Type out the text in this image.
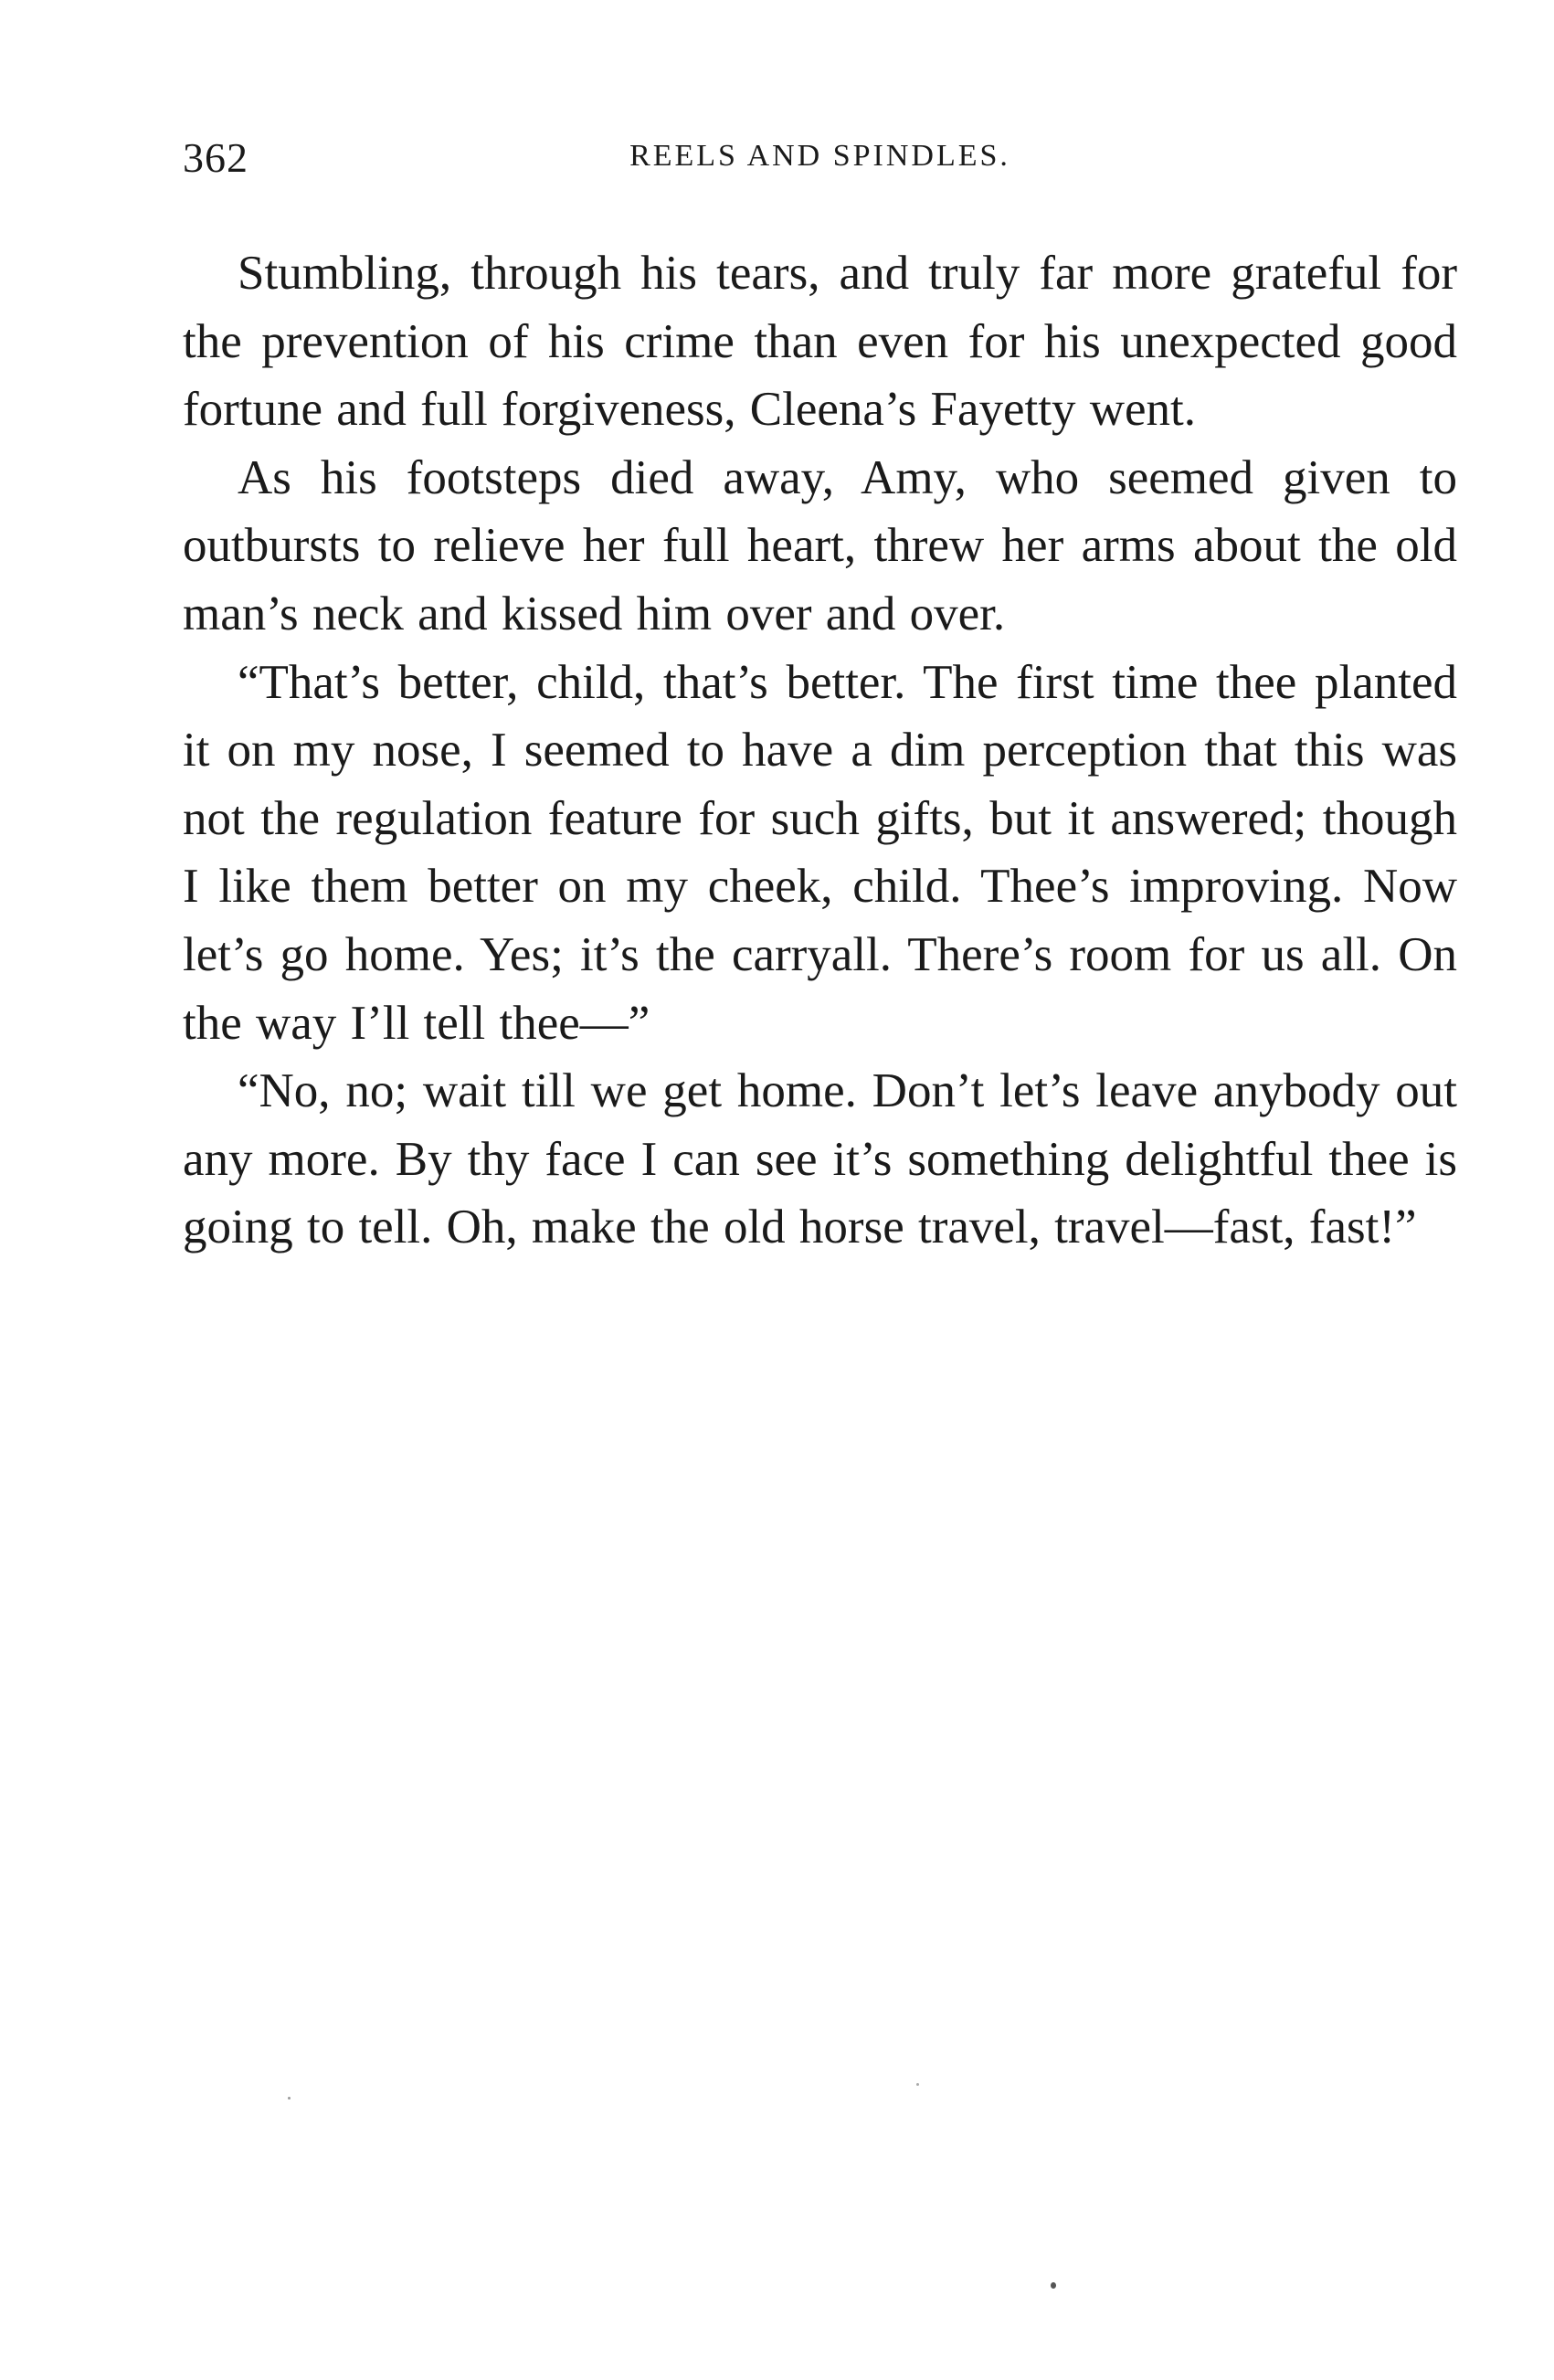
362	REELS AND SPINDLES.

Stumbling, through his tears, and truly far more grateful for the prevention of his crime than even for his unexpected good fortune and full forgiveness, Cleena’s Fayetty went.

As his footsteps died away, Amy, who seemed given to outbursts to relieve her full heart, threw her arms about the old man’s neck and kissed him over and over.

“That’s better, child, that’s better. The first time thee planted it on my nose, I seemed to have a dim perception that this was not the regulation feature for such gifts, but it answered; though I like them better on my cheek, child. Thee’s improving. Now let’s go home. Yes; it’s the carryall. There’s room for us all. On the way I’ll tell thee—”

“No, no; wait till we get home. Don’t let’s leave anybody out any more. By thy face I can see it’s something delightful thee is going to tell. Oh, make the old horse travel, travel—fast, fast!”
